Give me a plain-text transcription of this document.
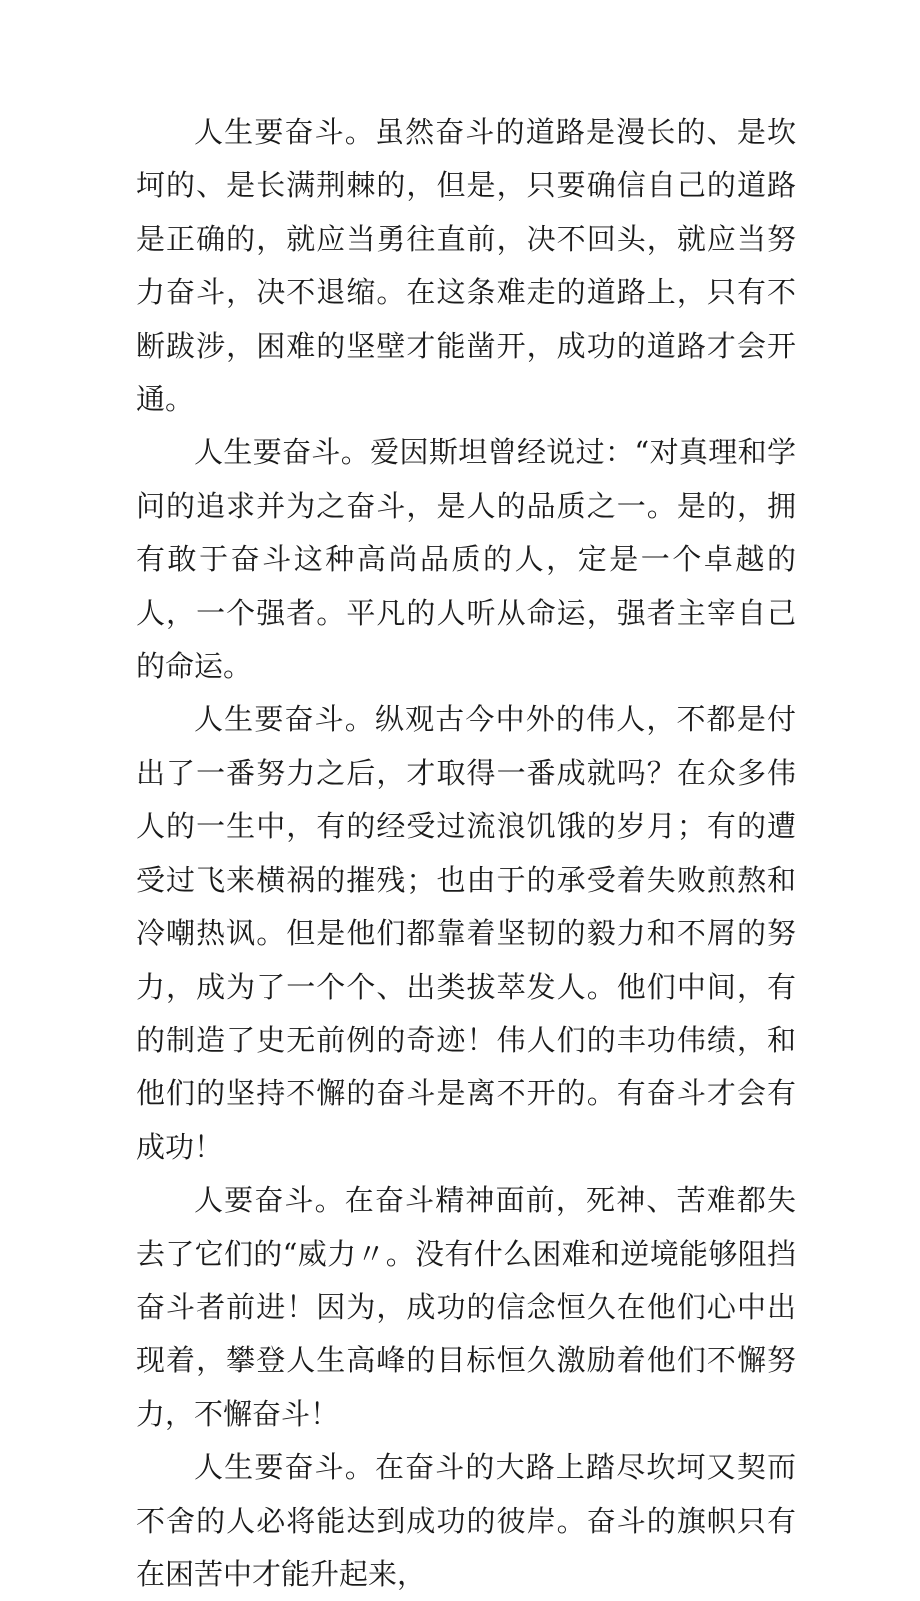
人生要奋斗。虽然奋斗的道路是漫长的、是坎坷的、是长满荆棘的，但是，只要确信自己的道路是正确的，就应当勇往直前，决不回头，就应当努力奋斗，决不退缩。在这条难走的道路上，只有不断跋涉，困难的坚壁才能凿开，成功的道路才会开通。

人生要奋斗。爱因斯坦曾经说过：“对真理和学问的追求并为之奋斗，是人的品质之一。是的，拥有敢于奋斗这种高尚品质的人，定是一个卓越的人，一个强者。平凡的人听从命运，强者主宰自己的命运。

人生要奋斗。纵观古今中外的伟人，不都是付出了一番努力之后，才取得一番成就吗？在众多伟人的一生中，有的经受过流浪饥饿的岁月；有的遭受过飞来横祸的摧残；也由于的承受着失败煎熬和冷嘲热讽。但是他们都靠着坚韧的毅力和不屑的努力，成为了一个个、出类拔萃发人。他们中间，有的制造了史无前例的奇迹！伟人们的丰功伟绩，和他们的坚持不懈的奋斗是离不开的。有奋斗才会有成功！

人要奋斗。在奋斗精神面前，死神、苦难都失去了它们的“威力〃。没有什么困难和逆境能够阻挡奋斗者前进！因为，成功的信念恒久在他们心中出现着，攀登人生高峰的目标恒久激励着他们不懈努力，不懈奋斗！

人生要奋斗。在奋斗的大路上踏尽坎坷又契而不舍的人必将能达到成功的彼岸。奋斗的旗帜只有在困苦中才能升起来，
